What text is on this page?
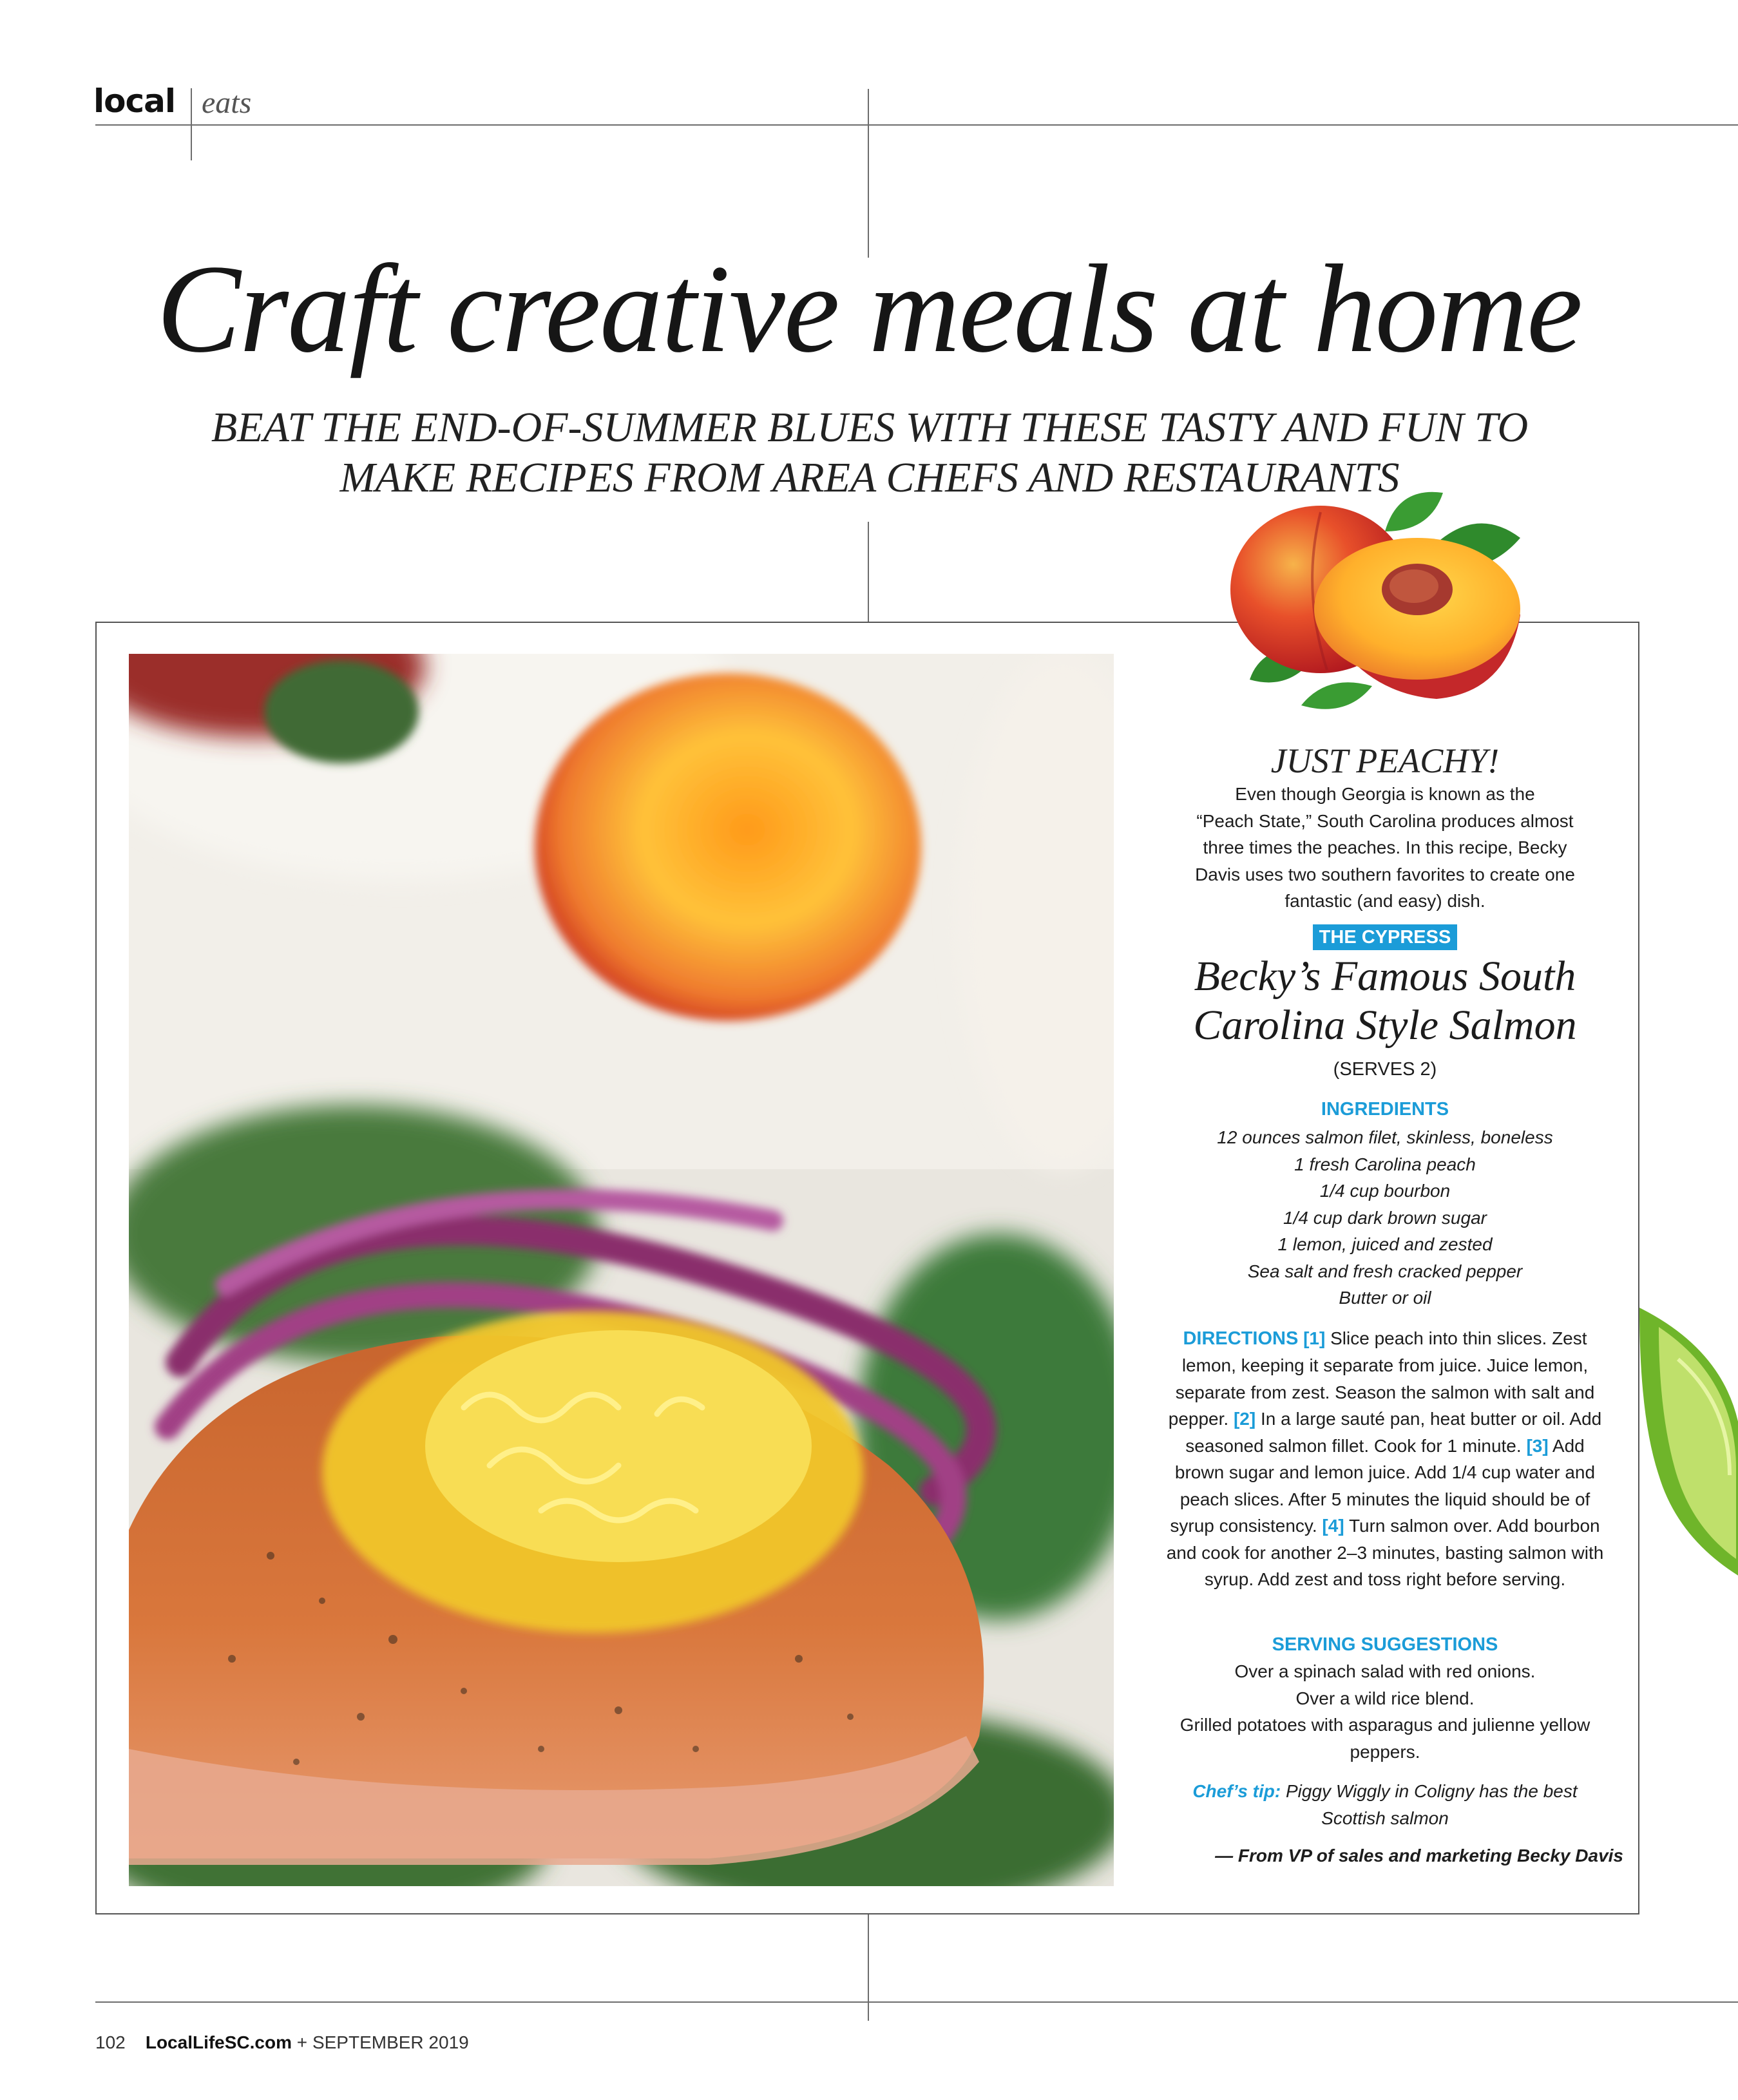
local eats
Craft creative meals at home
BEAT THE END-OF-SUMMER BLUES WITH THESE TASTY AND FUN TO
MAKE RECIPES FROM AREA CHEFS AND RESTAURANTS
JUST PEACHY!
Even though Georgia is known as the
“Peach State,” South Carolina produces almost
three times the peaches. In this recipe, Becky
Davis uses two southern favorites to create one
fantastic (and easy) dish.
THE CYPRESS
Becky’s Famous South
Carolina Style Salmon
(SERVES 2)
INGREDIENTS
12 ounces salmon filet, skinless, boneless
1 fresh Carolina peach
1/4 cup bourbon
1/4 cup dark brown sugar
1 lemon, juiced and zested
Sea salt and fresh cracked pepper
Butter or oil
DIRECTIONS [1] Slice peach into thin slices. Zest lemon, keeping it separate from juice. Juice lemon, separate from zest. Season the salmon with salt and pepper. [2] In a large sauté pan, heat butter or oil. Add seasoned salmon fillet. Cook for 1 minute. [3] Add brown sugar and lemon juice. Add 1/4 cup water and peach slices. After 5 minutes the liquid should be of syrup consistency. [4] Turn salmon over. Add bourbon and cook for another 2–3 minutes, basting salmon with syrup. Add zest and toss right before serving.
SERVING SUGGESTIONS
Over a spinach salad with red onions.
Over a wild rice blend.
Grilled potatoes with asparagus and julienne yellow peppers.
Chef’s tip: Piggy Wiggly in Coligny has the best Scottish salmon
— From VP of sales and marketing Becky Davis
102 LocalLifeSC.com + SEPTEMBER 2019
